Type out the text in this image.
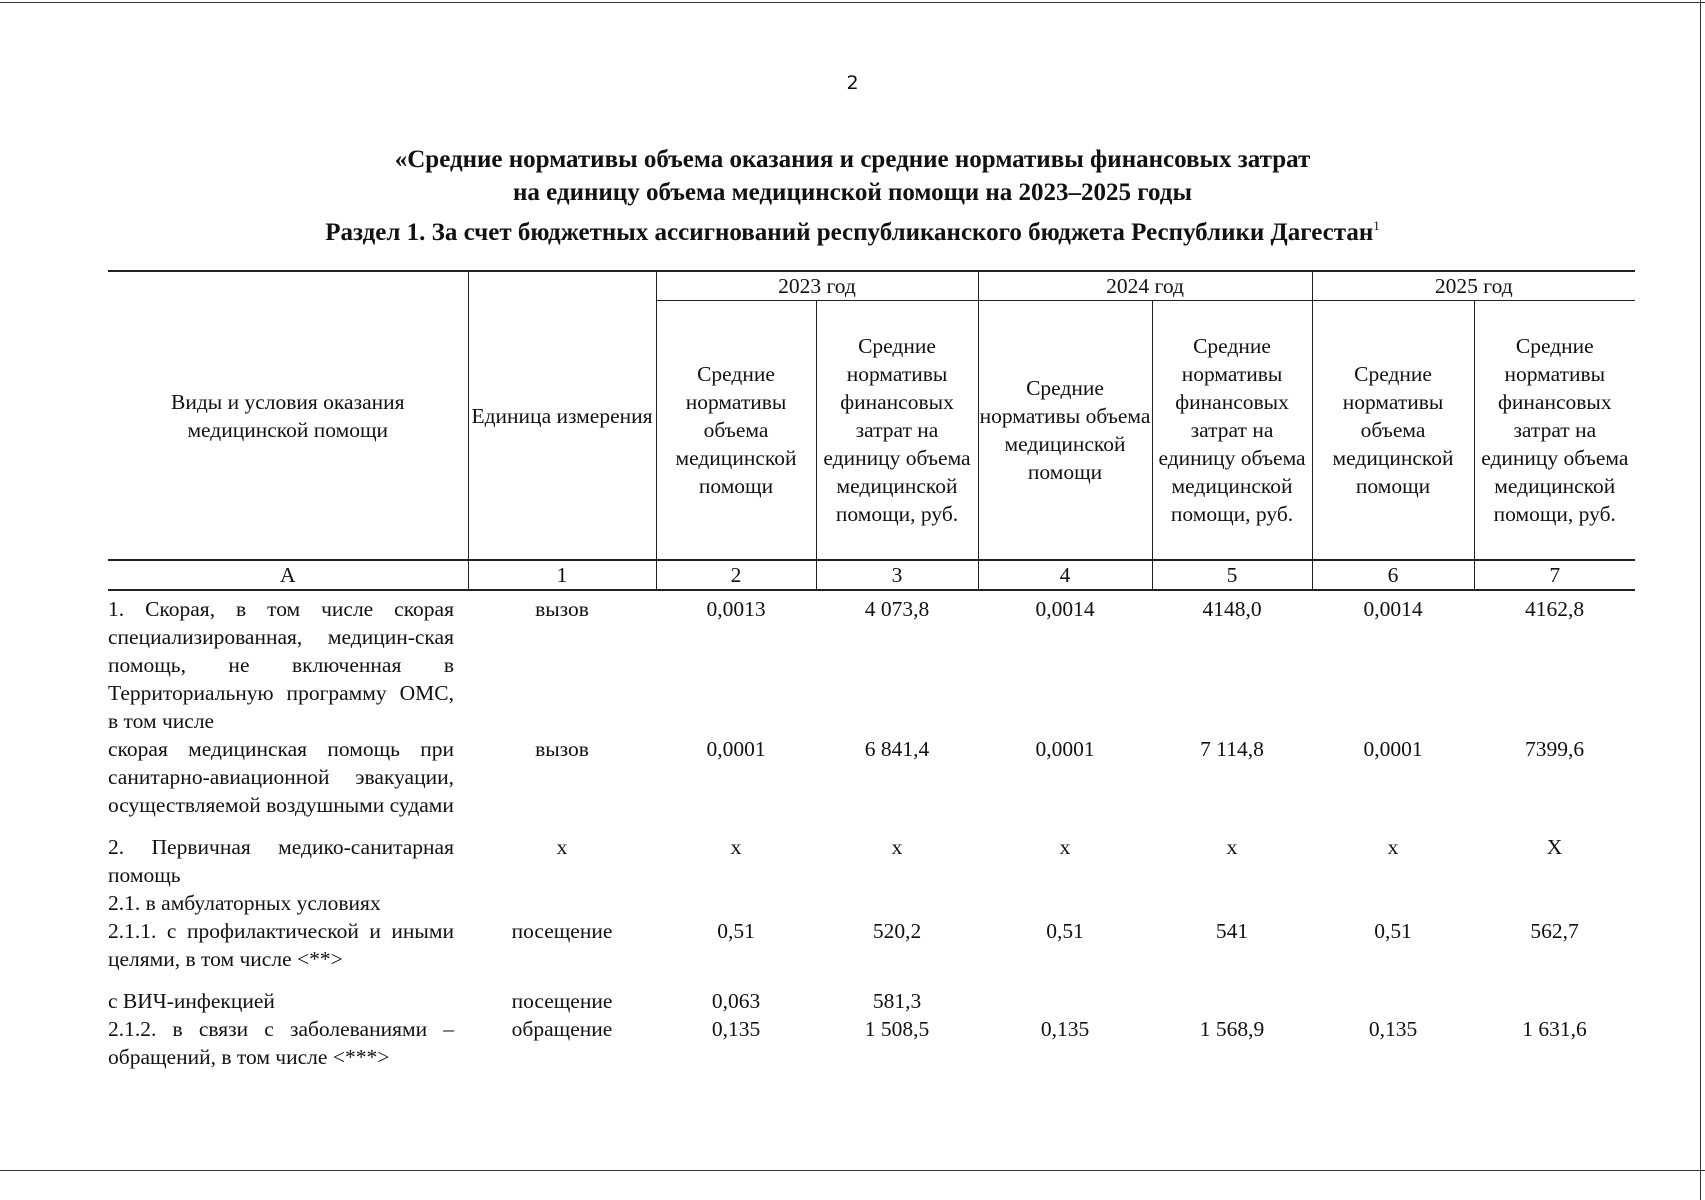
2
«Средние нормативы объема оказания и средние нормативы финансовых затрат
на единицу объема медицинской помощи на 2023–2025 годы
Раздел 1. За счет бюджетных ассигнований республиканского бюджета Республики Дагестан$^1$
Виды и условия оказания медицинской помощи	Единица измерения	2023 год		2024 год		2025 год	
		Средние нормативы объема медицинской помощи	Средние нормативы финансовых затрат на единицу объема медицинской помощи, руб.	Средние нормативы объема медицинской помощи	Средние нормативы финансовых затрат на единицу объема медицинской помощи, руб.	Средние нормативы объема медицинской помощи	Средние нормативы финансовых затрат на единицу объема медицинской помощи, руб.
А	1	2	3	4	5	6	7
1. Скорая, в том числе скорая специализированная, медицин-ская помощь, не включенная в Территориальную программу ОМС, в том числе	вызов	0,0013	4 073,8	0,0014	4148,0	0,0014	4162,8
скорая медицинская помощь при санитарно-авиационной эвакуации, осуществляемой воздушными судами	вызов	0,0001	6 841,4	0,0001	7 114,8	0,0001	7399,6

2. Первичная медико-санитарная помощь	x	x	x	x	x	x	X
2.1. в амбулаторных условиях							
2.1.1. с профилактической и иными целями, в том числе <**>	посещение	0,51	520,2	0,51	541	0,51	562,7

с ВИЧ-инфекцией	посещение	0,063	581,3				
2.1.2. в связи с заболеваниями – обращений, в том числе <***>	обращение	0,135	1 508,5	0,135	1 568,9	0,135	1 631,6
